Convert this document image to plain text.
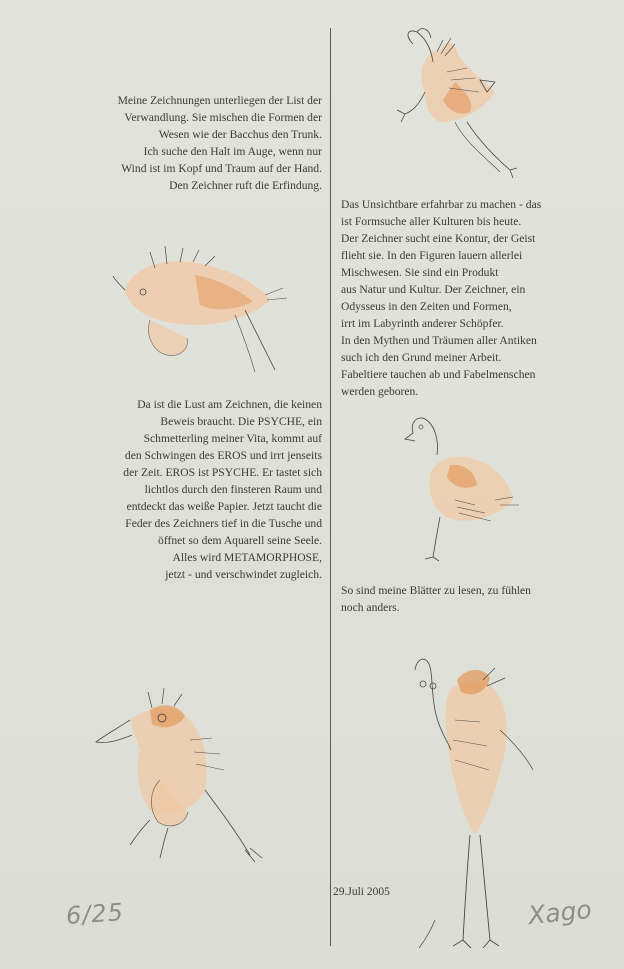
Meine Zeichnungen unterliegen der List der
Verwandlung. Sie mischen die Formen der
Wesen wie der Bacchus den Trunk.
Ich suche den Halt im Auge, wenn nur
Wind ist im Kopf und Traum auf der Hand.
Den Zeichner ruft die Erfindung.
Da ist die Lust am Zeichnen, die keinen
Beweis braucht. Die PSYCHE, ein
Schmetterling meiner Vita, kommt auf
den Schwingen des EROS und irrt jenseits
der Zeit. EROS ist PSYCHE. Er tastet sich
lichtlos durch den finsteren Raum und
entdeckt das weiße Papier. Jetzt taucht die
Feder des Zeichners tief in die Tusche und
öffnet so dem Aquarell seine Seele.
Alles wird METAMORPHOSE,
jetzt - und verschwindet zugleich.
Das Unsichtbare erfahrbar zu machen - das
ist Formsuche aller Kulturen bis heute.
Der Zeichner sucht eine Kontur, der Geist
flieht sie. In den Figuren lauern allerlei
Mischwesen. Sie sind ein Produkt
aus Natur und Kultur. Der Zeichner, ein
Odysseus in den Zeiten und Formen,
irrt im Labyrinth anderer Schöpfer.
In den Mythen und Träumen aller Antiken
such ich den Grund meiner Arbeit.
Fabeltiere tauchen ab und Fabelmenschen
werden geboren.
So sind meine Blätter zu lesen, zu fühlen
noch anders.
29.Juli 2005
6/25	Xago
